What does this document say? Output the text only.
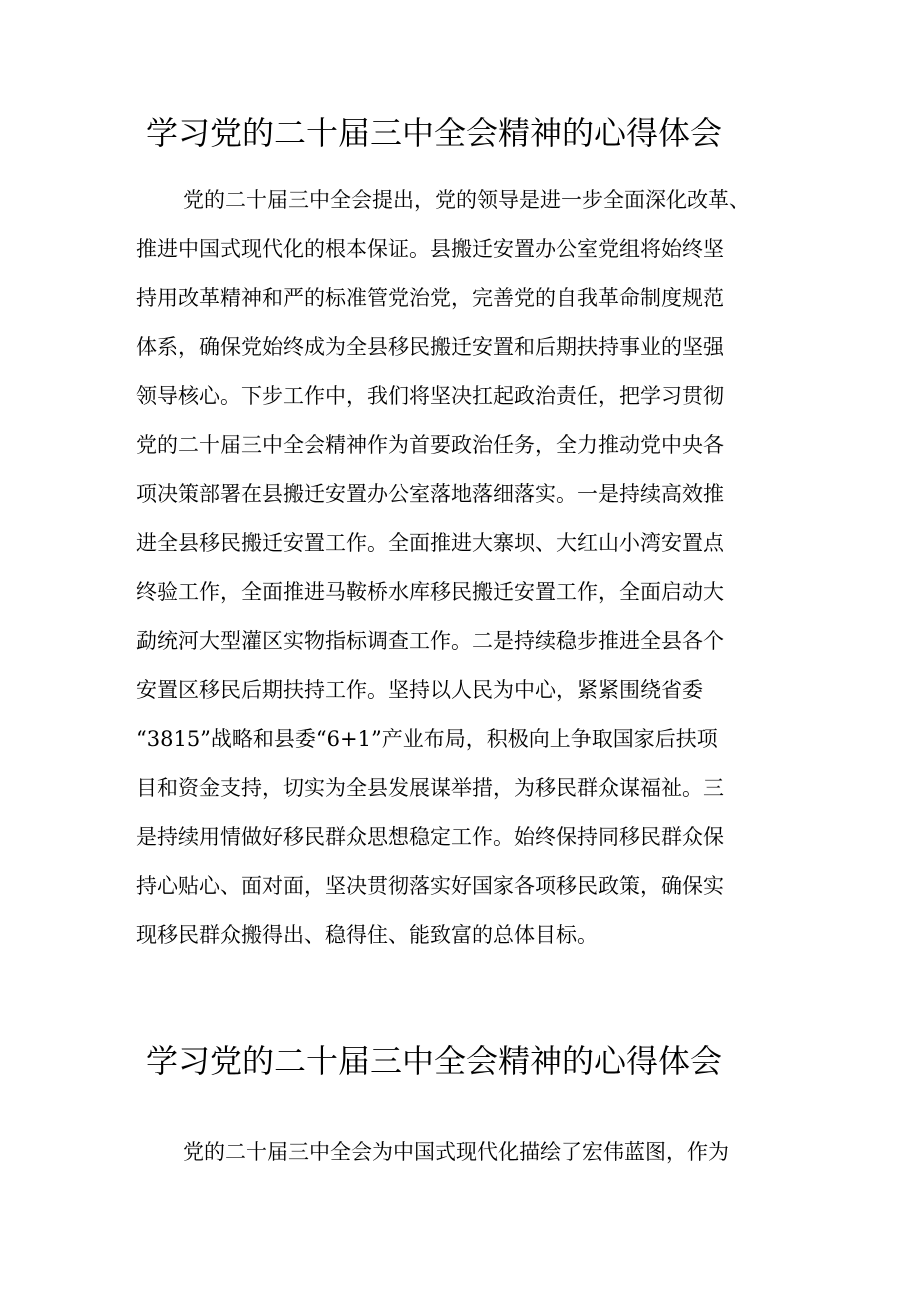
学习党的二十届三中全会精神的心得体会

党的二十届三中全会提出，党的领导是进一步全面深化改革、

推进中国式现代化的根本保证。县搬迁安置办公室党组将始终坚

持用改革精神和严的标准管党治党，完善党的自我革命制度规范

体系，确保党始终成为全县移民搬迁安置和后期扶持事业的坚强

领导核心。下步工作中，我们将坚决扛起政治责任，把学习贯彻

党的二十届三中全会精神作为首要政治任务，全力推动党中央各

项决策部署在县搬迁安置办公室落地落细落实。一是持续高效推

进全县移民搬迁安置工作。全面推进大寨坝、大红山小湾安置点

终验工作，全面推进马鞍桥水库移民搬迁安置工作，全面启动大

勐统河大型灌区实物指标调查工作。二是持续稳步推进全县各个

安置区移民后期扶持工作。坚持以人民为中心，紧紧围绕省委

“3815”战略和县委“6+1”产业布局，积极向上争取国家后扶项

目和资金支持，切实为全县发展谋举措，为移民群众谋福祉。三

是持续用情做好移民群众思想稳定工作。始终保持同移民群众保

持心贴心、面对面，坚决贯彻落实好国家各项移民政策，确保实

现移民群众搬得出、稳得住、能致富的总体目标。

学习党的二十届三中全会精神的心得体会

党的二十届三中全会为中国式现代化描绘了宏伟蓝图，作为
